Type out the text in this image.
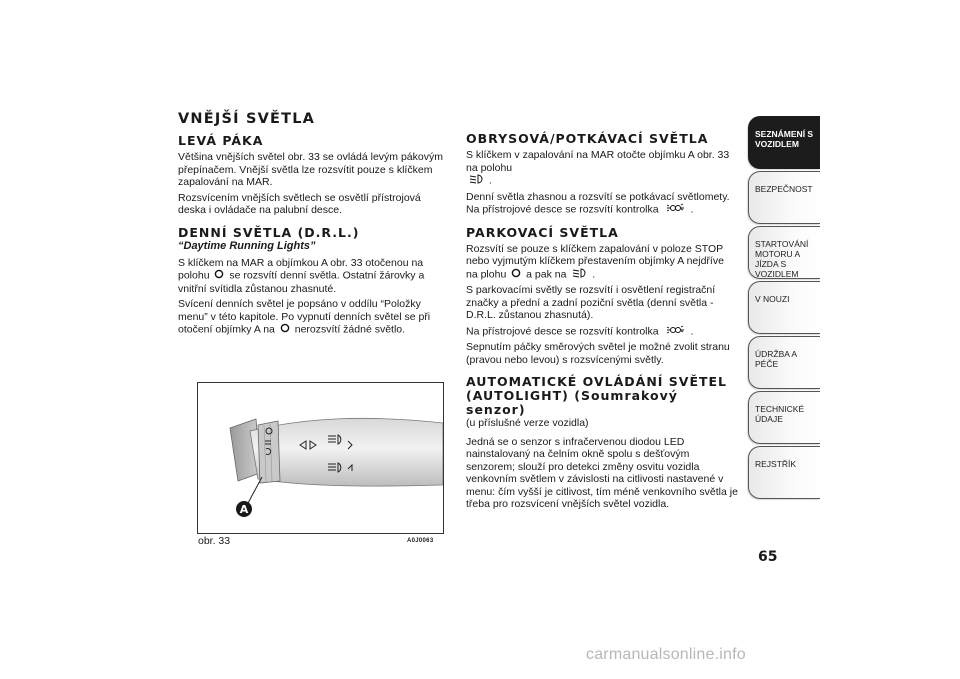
VNĚJŠÍ SVĚTLA
LEVÁ PÁKA

Většina vnějších světel obr. 33 se ovládá levým pákovým přepínačem. Vnější světla lze rozsvítit pouze s klíčkem zapalování na MAR.

Rozsvícením vnějších světlech se osvětlí přístrojová deska i ovládače na palubní desce.

DENNÍ SVĚTLA (D.R.L.)
“Daytime Running Lights”

S klíčkem na MAR a objímkou A obr. 33 otočenou na polohu se rozsvítí denní světla. Ostatní žárovky a vnitřní svítidla zůstanou zhasnuté.

Svícení denních světel je popsáno v oddílu “Položky menu” v této kapitole. Po vypnutí denních světel se při otočení objímky A na nerozsvítí žádné světlo.

A
obr. 33	A0J0063
OBRYSOVÁ/POTKÁVACÍ SVĚTLA

S klíčkem v zapalování na MAR otočte objímku A obr. 33 na polohu
.

Denní světla zhasnou a rozsvítí se potkávací světlomety. Na přístrojové desce se rozsvítí kontrolka	.

PARKOVACÍ SVĚTLA

Rozsvítí se pouze s klíčkem zapalování v poloze STOP nebo vyjmutým klíčkem přestavením objímky A nejdříve na plohu a pak na .

S parkovacími světly se rozsvítí i osvětlení registrační značky a přední a zadní poziční světla (denní světla - D.R.L. zůstanou zhasnutá).

Na přístrojové desce se rozsvítí kontrolka	.

Sepnutím páčky směrových světel je možné zvolit stranu (pravou nebo levou) s rozsvícenými světly.

AUTOMATICKÉ OVLÁDÁNÍ SVĚTEL
(AUTOLIGHT) (Soumrakový senzor)

(u příslušné verze vozidla)

Jedná se o senzor s infračervenou diodou LED nainstalovaný na čelním okně spolu s dešťovým senzorem; slouží pro detekci změny osvitu vozidla venkovním světlem v závislosti na citlivosti nastavené v menu: čím vyšší je citlivost, tím méně venkovního světla je třeba pro rozsvícení vnějších světel vozidla.

SEZNÁMENÍ S
VOZIDLEM
BEZPEČNOST
STARTOVÁNÍ
MOTORU A JÍZDA S
VOZIDLEM
V NOUZI
ÚDRŽBA A PÉČE
TECHNICKÉ ÚDAJE
REJSTŘÍK
65
carmanualsonline.info
